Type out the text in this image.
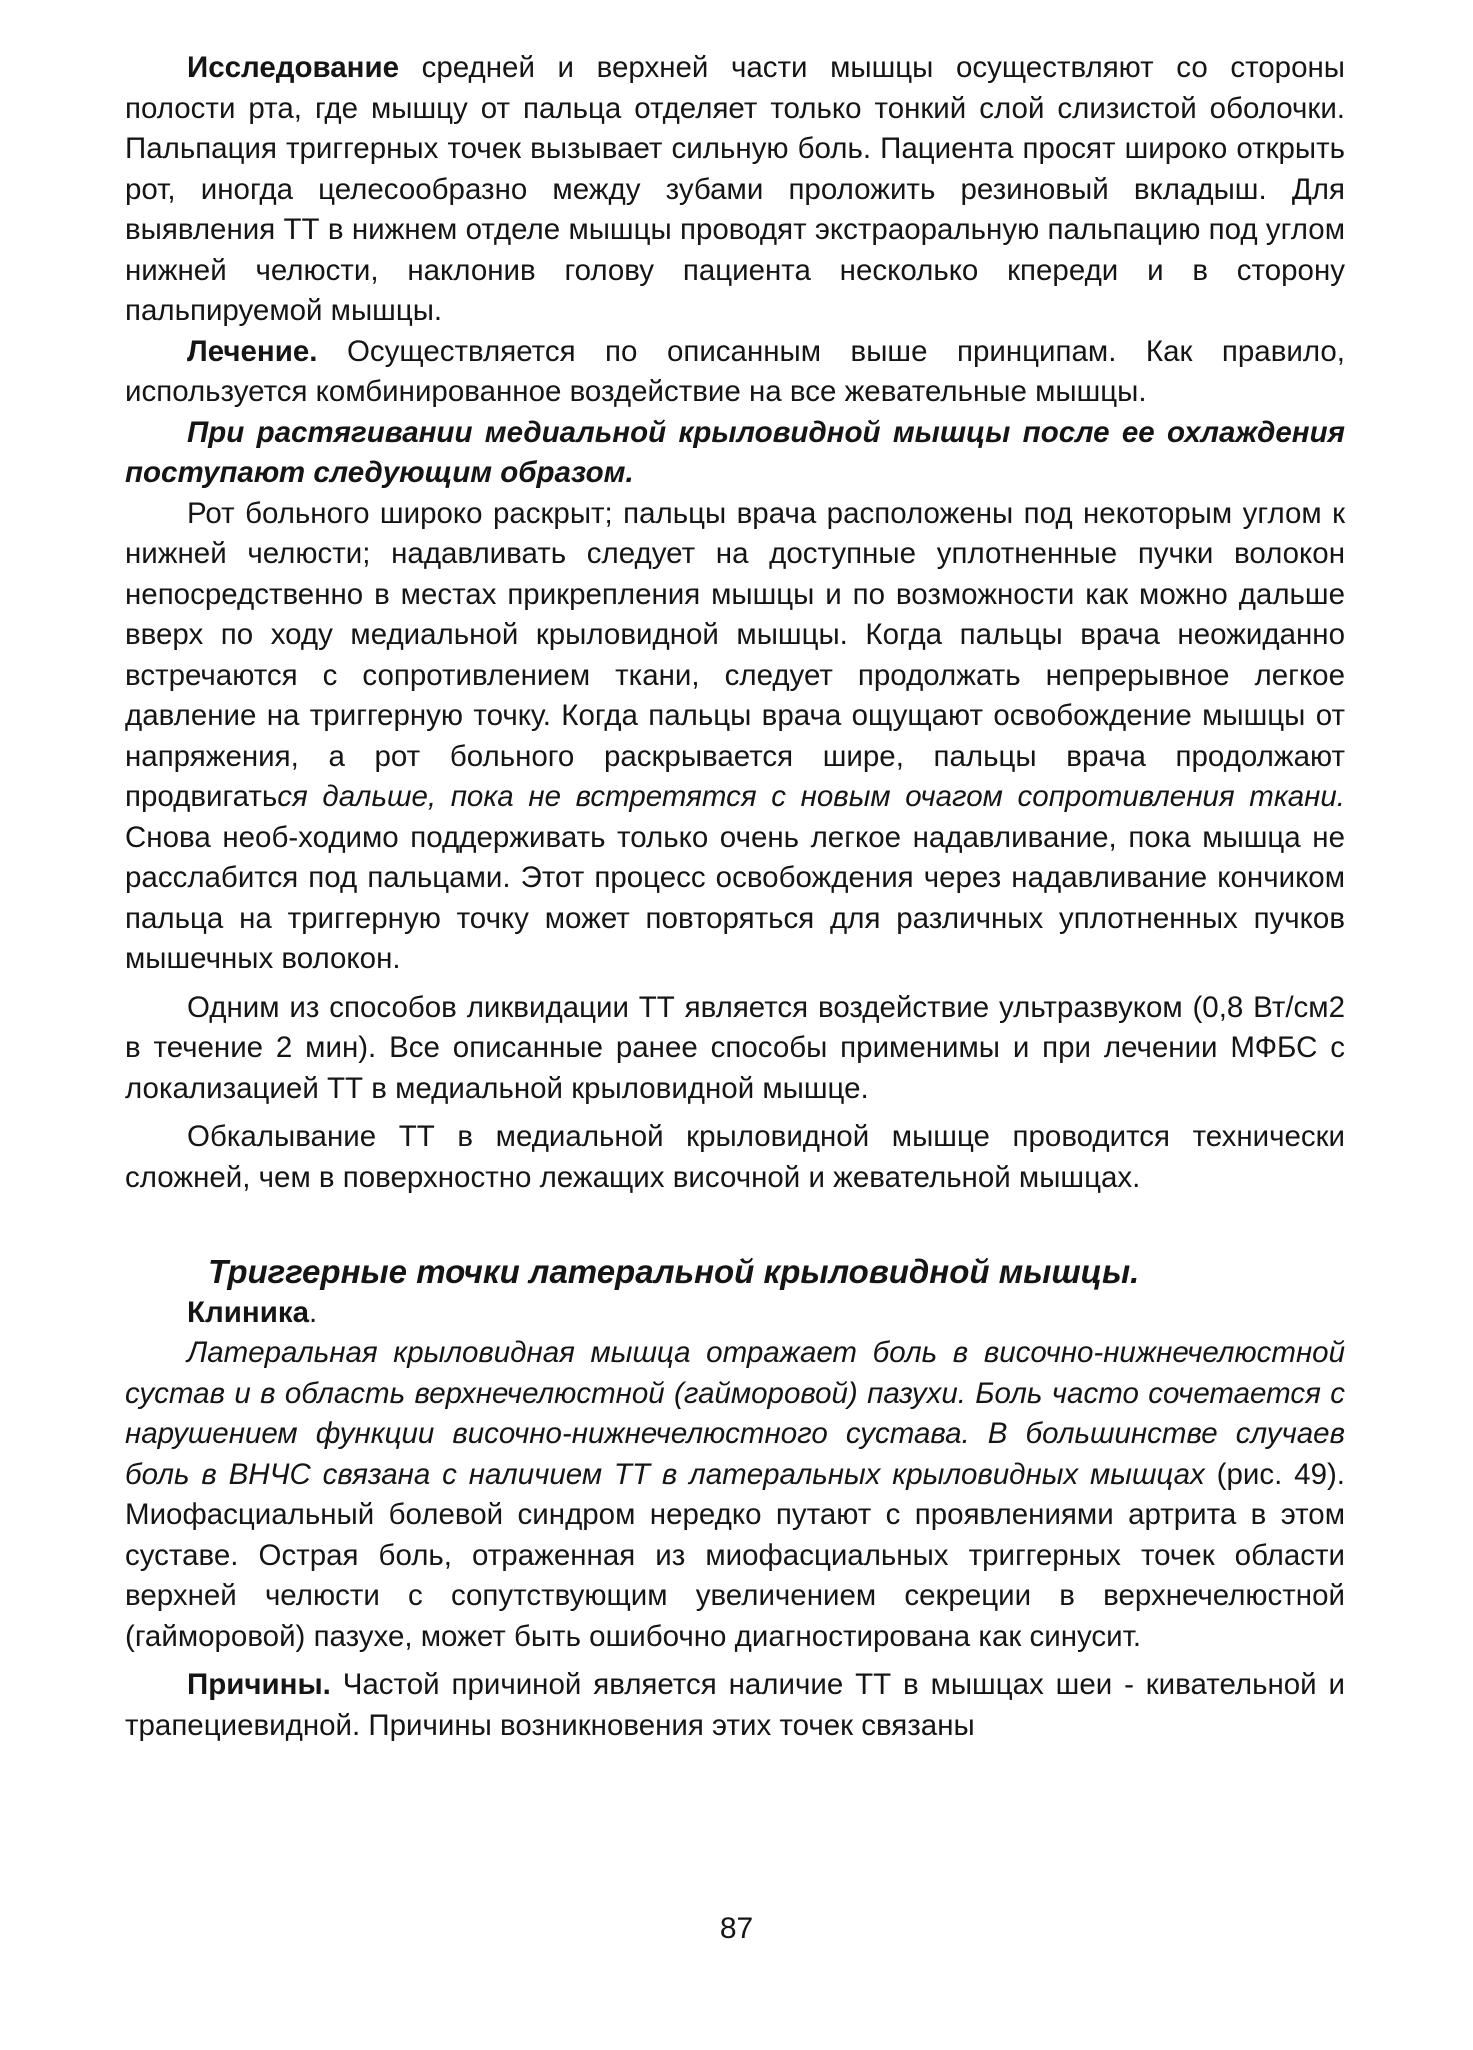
Исследование средней и верхней части мышцы осуществляют со стороны полости рта, где мышцу от пальца отделяет только тонкий слой слизистой оболочки. Пальпация триггерных точек вызывает сильную боль. Пациента просят широко открыть рот, иногда целесообразно между зубами проложить резиновый вкладыш. Для выявления ТТ в нижнем отделе мышцы проводят экстраоральную пальпацию под углом нижней челюсти, наклонив голову пациента несколько кпереди и в сторону пальпируемой мышцы.

Лечение. Осуществляется по описанным выше принципам. Как правило, используется комбинированное воздействие на все жевательные мышцы.

При растягивании медиальной крыловидной мышцы после ее охлаждения поступают следующим образом.

Рот больного широко раскрыт; пальцы врача расположены под некоторым углом к нижней челюсти; надавливать следует на доступные уплотненные пучки волокон непосредственно в местах прикрепления мышцы и по возможности как можно дальше вверх по ходу медиальной крыловидной мышцы. Когда пальцы врача неожиданно встречаются с сопротивлением ткани, следует продолжать непрерывное легкое давление на триггерную точку. Когда пальцы врача ощущают освобождение мышцы от напряжения, а рот больного раскрывается шире, пальцы врача продолжают продвигаться дальше, пока не встретятся с новым очагом сопротивления ткани. Снова необ-ходимо поддерживать только очень легкое надавливание, пока мышца не расслабится под пальцами. Этот процесс освобождения через надавливание кончиком пальца на триггерную точку может повторяться для различных уплотненных пучков мышечных волокон.

Одним из способов ликвидации ТТ является воздействие ультразвуком (0,8 Вт/см2 в течение 2 мин). Все описанные ранее способы применимы и при лечении МФБС с локализацией ТТ в медиальной крыловидной мышце.

Обкалывание ТТ в медиальной крыловидной мышце проводится технически сложней, чем в поверхностно лежащих височной и жевательной мышцах.

Триггерные точки латеральной крыловидной мышцы.

Клиника.

Латеральная крыловидная мышца отражает боль в височно-нижнечелюстной сустав и в область верхнечелюстной (гайморовой) пазухи. Боль часто сочетается с нарушением функции височно-нижнечелюстного сустава. В большинстве случаев боль в ВНЧС связана с наличием ТТ в латеральных крыловидных мышцах (рис. 49). Миофасциальный болевой синдром нередко путают с проявлениями артрита в этом суставе. Острая боль, отраженная из миофасциальных триггерных точек области верхней челюсти с сопутствующим увеличением секреции в верхнечелюстной (гайморовой) пазухе, может быть ошибочно диагностирована как синусит.

Причины. Частой причиной является наличие ТТ в мышцах шеи - кивательной и трапециевидной. Причины возникновения этих точек связаны

87
